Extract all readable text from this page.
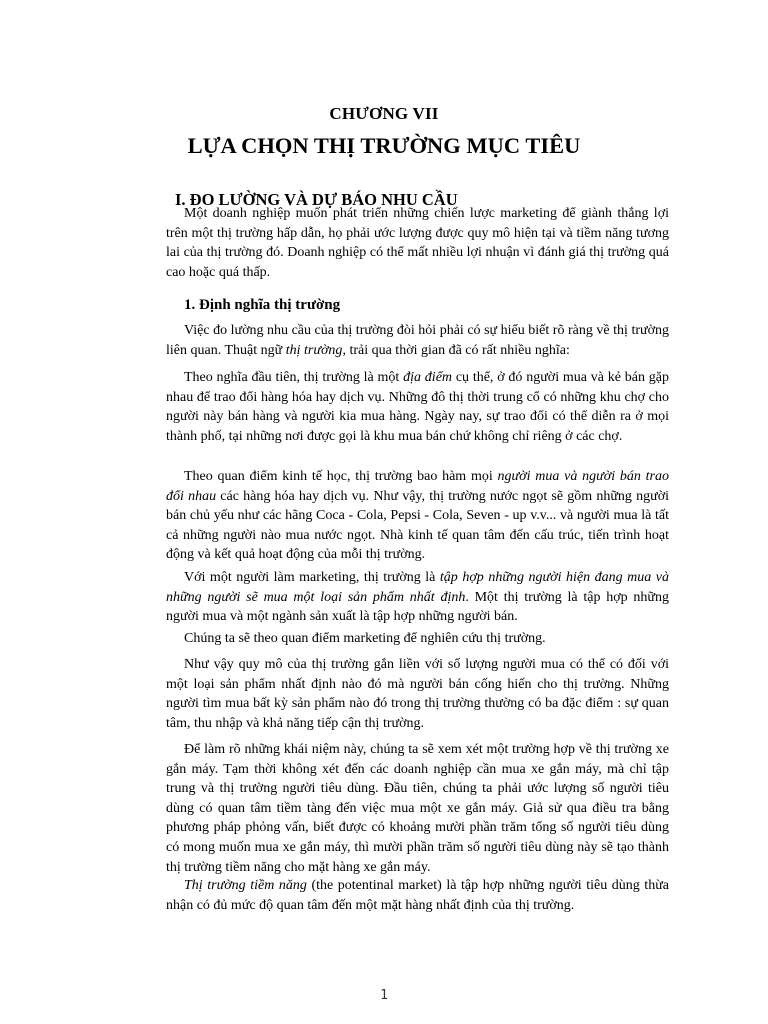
CHƯƠNG VII
LỰA CHỌN THỊ TRƯỜNG MỤC TIÊU
I. ĐO LƯỜNG VÀ DỰ BÁO NHU CẦU

Một doanh nghiệp muốn phát triển những chiến lược marketing để giành thắng lợi trên một thị trường hấp dẫn, họ phải ước lượng được quy mô hiện tại và tiềm năng tương lai của thị trường đó. Doanh nghiệp có thể mất nhiều lợi nhuận vì đánh giá thị trường quá cao hoặc quá thấp.

1. Định nghĩa thị trường

Việc đo lường nhu cầu của thị trường đòi hỏi phải có sự hiểu biết rõ ràng về thị trường liên quan. Thuật ngữ thị trường, trải qua thời gian đã có rất nhiều nghĩa:

Theo nghĩa đầu tiên, thị trường là một địa điểm cụ thể, ở đó người mua và kẻ bán gặp nhau để trao đổi hàng hóa hay dịch vụ. Những đô thị thời trung cổ có những khu chợ cho người này bán hàng và người kia mua hàng. Ngày nay, sự trao đổi có thể diễn ra ở mọi thành phố, tại những nơi được gọi là khu mua bán chứ không chỉ riêng ở các chợ.

Theo quan điểm kinh tế học, thị trường bao hàm mọi người mua và người bán trao đổi nhau các hàng hóa hay dịch vụ. Như vậy, thị trường nước ngọt sẽ gồm những người bán chủ yếu như các hãng Coca - Cola, Pepsi - Cola, Seven - up v.v... và người mua là tất cả những người nào mua nước ngọt. Nhà kinh tế quan tâm đến cấu trúc, tiến trình hoạt động và kết quả hoạt động của mỗi thị trường.

Với một người làm marketing, thị trường là tập hợp những người hiện đang mua và những người sẽ mua một loại sản phẩm nhất định. Một thị trường là tập hợp những người mua và một ngành sản xuất là tập hợp những người bán.

Chúng ta sẽ theo quan điểm marketing để nghiên cứu thị trường.

Như vậy quy mô của thị trường gắn liền với số lượng người mua có thể có đối với một loại sản phẩm nhất định nào đó mà người bán cống hiến cho thị trường. Những người tìm mua bất kỳ sản phẩm nào đó trong thị trường thường có ba đặc điểm : sự quan tâm, thu nhập và khả năng tiếp cận thị trường.

Để làm rõ những khái niệm này, chúng ta sẽ xem xét một trường hợp về thị trường xe gắn máy. Tạm thời không xét đến các doanh nghiệp cần mua xe gắn máy, mà chỉ tập trung và thị trường người tiêu dùng. Đầu tiên, chúng ta phải ước lượng số người tiêu dùng có quan tâm tiềm tàng đến việc mua một xe gắn máy. Giả sử qua điều tra bằng phương pháp phỏng vấn, biết được có khoảng mười phần trăm tổng số người tiêu dùng có mong muốn mua xe gắn máy, thì mười phần trăm số người tiêu dùng này sẽ tạo thành thị trường tiềm năng cho mặt hàng xe gắn máy.

Thị trường tiềm năng (the potentinal market) là tập hợp những người tiêu dùng thừa nhận có đủ mức độ quan tâm đến một mặt hàng nhất định của thị trường.

1
